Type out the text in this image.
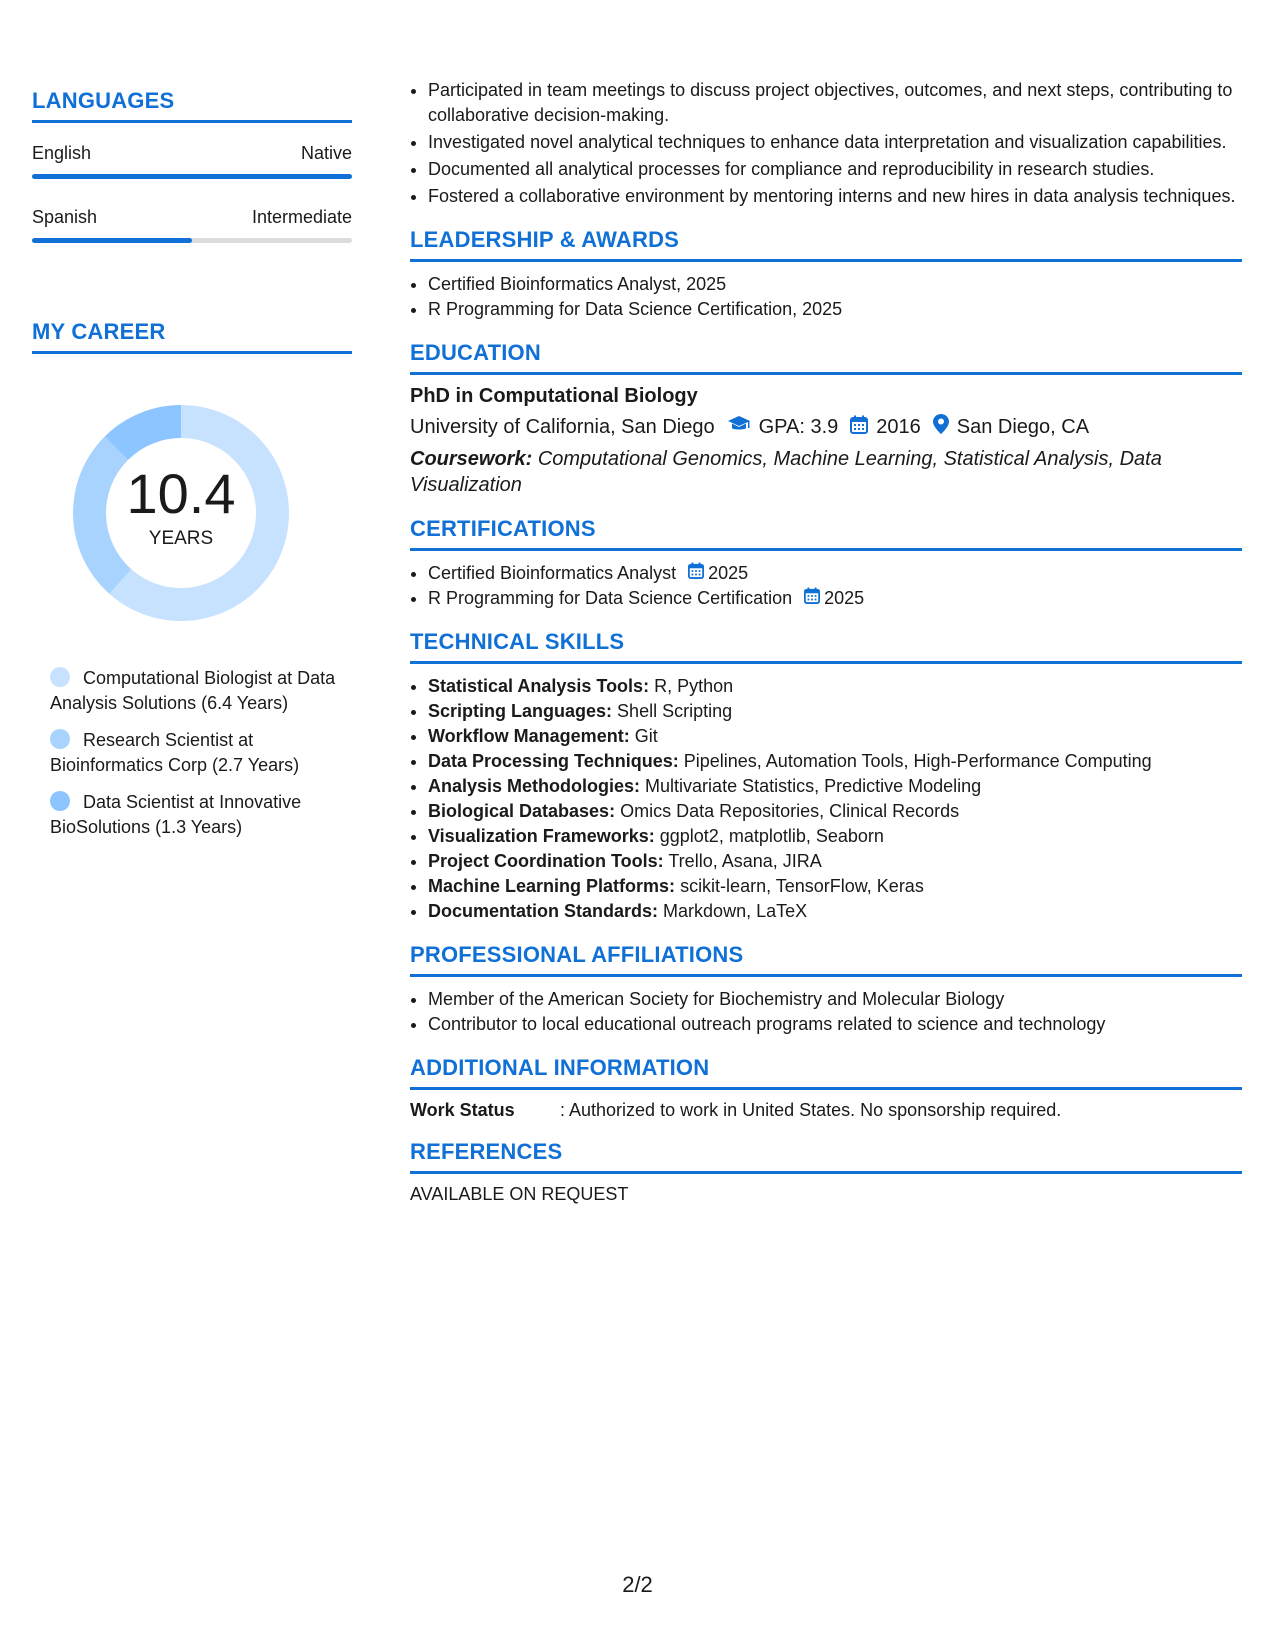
LANGUAGES
English	Native
Spanish	Intermediate
MY CAREER
10.4
YEARS
Computational Biologist at Data Analysis Solutions (6.4 Years)
Research Scientist at Bioinformatics Corp (2.7 Years)
Data Scientist at Innovative BioSolutions (1.3 Years)
• Participated in team meetings to discuss project objectives, outcomes, and next steps, contributing to collaborative decision-making.
• Investigated novel analytical techniques to enhance data interpretation and visualization capabilities.
• Documented all analytical processes for compliance and reproducibility in research studies.
• Fostered a collaborative environment by mentoring interns and new hires in data analysis techniques.
LEADERSHIP & AWARDS
• Certified Bioinformatics Analyst, 2025
• R Programming for Data Science Certification, 2025
EDUCATION
PhD in Computational Biology
University of California, San Diego GPA: 3.9 2016 San Diego, CA
Coursework: Computational Genomics, Machine Learning, Statistical Analysis, Data Visualization
CERTIFICATIONS
• Certified Bioinformatics Analyst 2025
• R Programming for Data Science Certification 2025
TECHNICAL SKILLS
• Statistical Analysis Tools: R, Python
• Scripting Languages: Shell Scripting
• Workflow Management: Git
• Data Processing Techniques: Pipelines, Automation Tools, High-Performance Computing
• Analysis Methodologies: Multivariate Statistics, Predictive Modeling
• Biological Databases: Omics Data Repositories, Clinical Records
• Visualization Frameworks: ggplot2, matplotlib, Seaborn
• Project Coordination Tools: Trello, Asana, JIRA
• Machine Learning Platforms: scikit-learn, TensorFlow, Keras
• Documentation Standards: Markdown, LaTeX
PROFESSIONAL AFFILIATIONS
• Member of the American Society for Biochemistry and Molecular Biology
• Contributor to local educational outreach programs related to science and technology
ADDITIONAL INFORMATION
Work Status	: Authorized to work in United States. No sponsorship required.
REFERENCES
AVAILABLE ON REQUEST
2/2
